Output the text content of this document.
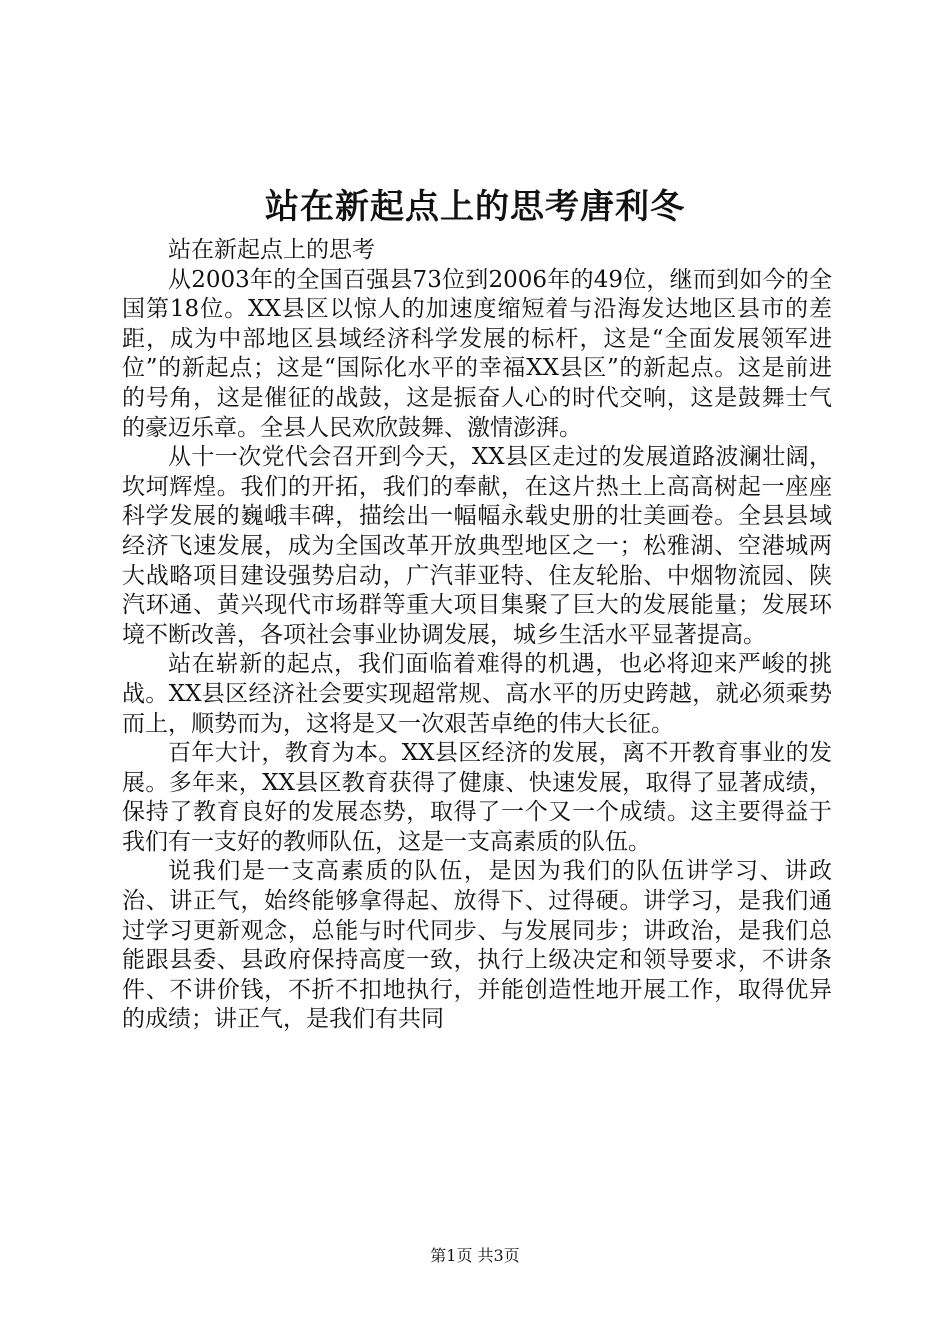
站在新起点上的思考唐利冬

站在新起点上的思考

从2003年的全国百强县73位到2006年的49位，继而到如今的全国第18位。XX县区以惊人的加速度缩短着与沿海发达地区县市的差距，成为中部地区县域经济科学发展的标杆，这是“全面发展领军进位”的新起点；这是“国际化水平的幸福XX县区”的新起点。这是前进的号角，这是催征的战鼓，这是振奋人心的时代交响，这是鼓舞士气的豪迈乐章。全县人民欢欣鼓舞、激情澎湃。

从十一次党代会召开到今天，XX县区走过的发展道路波澜壮阔，坎坷辉煌。我们的开拓，我们的奉献，在这片热土上高高树起一座座科学发展的巍峨丰碑，描绘出一幅幅永载史册的壮美画卷。全县县域经济飞速发展，成为全国改革开放典型地区之一；松雅湖、空港城两大战略项目建设强势启动，广汽菲亚特、住友轮胎、中烟物流园、陕汽环通、黄兴现代市场群等重大项目集聚了巨大的发展能量；发展环境不断改善，各项社会事业协调发展，城乡生活水平显著提高。

站在崭新的起点，我们面临着难得的机遇，也必将迎来严峻的挑战。XX县区经济社会要实现超常规、高水平的历史跨越，就必须乘势而上，顺势而为，这将是又一次艰苦卓绝的伟大长征。

百年大计，教育为本。XX县区经济的发展，离不开教育事业的发展。多年来，XX县区教育获得了健康、快速发展，取得了显著成绩，保持了教育良好的发展态势，取得了一个又一个成绩。这主要得益于我们有一支好的教师队伍，这是一支高素质的队伍。

说我们是一支高素质的队伍，是因为我们的队伍讲学习、讲政治、讲正气，始终能够拿得起、放得下、过得硬。讲学习，是我们通过学习更新观念，总能与时代同步、与发展同步；讲政治，是我们总能跟县委、县政府保持高度一致，执行上级决定和领导要求，不讲条件、不讲价钱，不折不扣地执行，并能创造性地开展工作，取得优异的成绩；讲正气，是我们有共同

第1页 共3页
